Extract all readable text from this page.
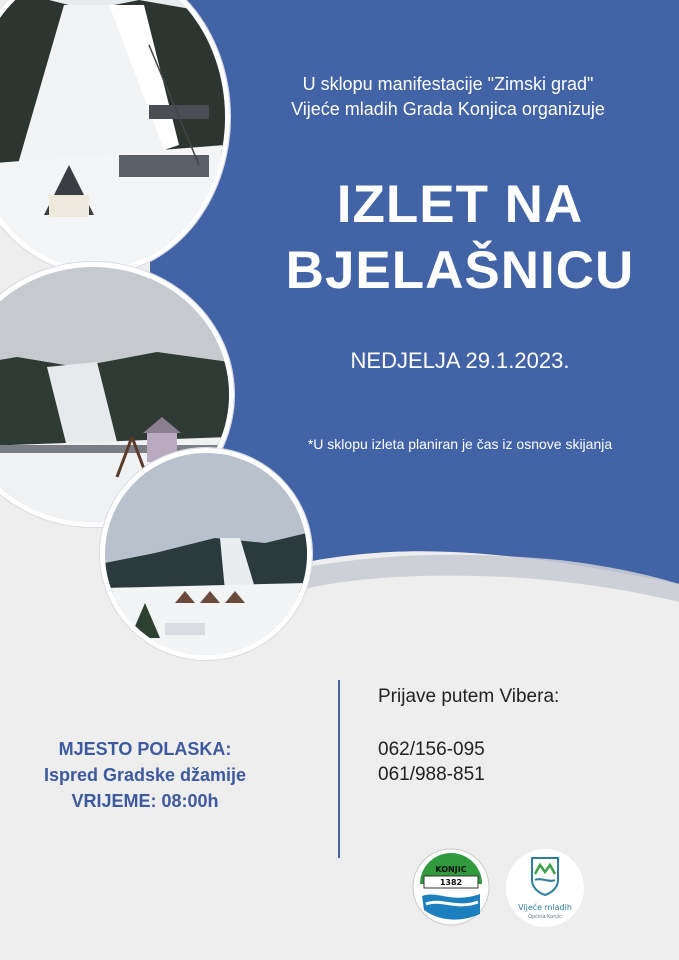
U sklopu manifestacije "Zimski grad"
Vijeće mladih Grada Konjica organizuje
IZLET NA
BJELAŠNICU
NEDJELJA 29.1.2023.
*U sklopu izleta planiran je čas iz osnove skijanja
MJESTO POLASKA:
Ispred Gradske džamije
VRIJEME: 08:00h
Prijave putem Vibera:
062/156-095
061/988-851
KONJIC
1382
Vijeće mladih
Općina Konjic
